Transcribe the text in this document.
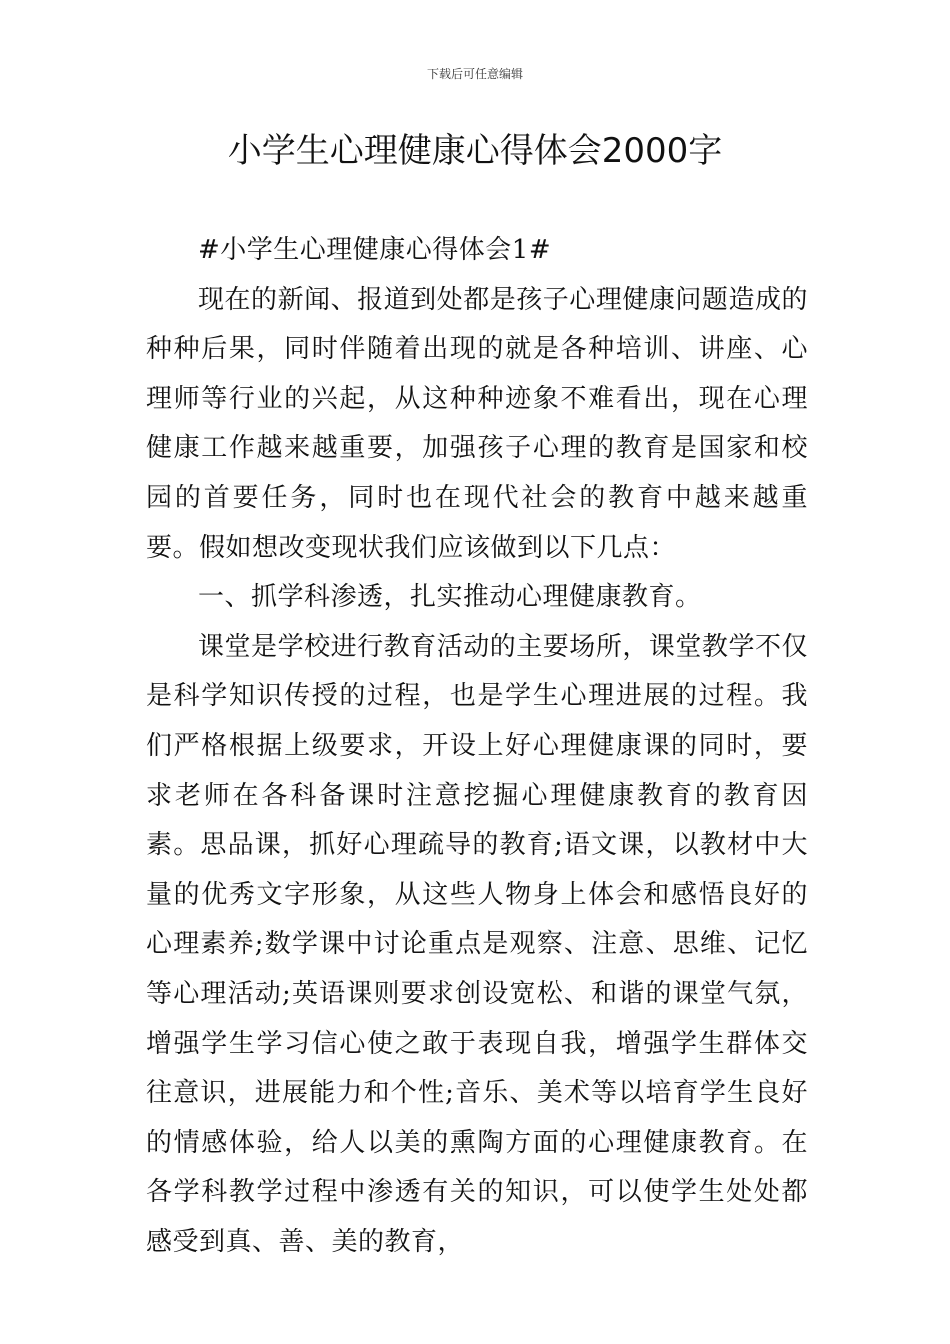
下载后可任意编辑
小学生心理健康心得体会2000字

#小学生心理健康心得体会1#

现在的新闻、报道到处都是孩子心理健康问题造成的种种后果，同时伴随着出现的就是各种培训、讲座、心理师等行业的兴起，从这种种迹象不难看出，现在心理健康工作越来越重要，加强孩子心理的教育是国家和校园的首要任务，同时也在现代社会的教育中越来越重要。假如想改变现状我们应该做到以下几点：

一、抓学科渗透，扎实推动心理健康教育。

课堂是学校进行教育活动的主要场所，课堂教学不仅是科学知识传授的过程，也是学生心理进展的过程。我们严格根据上级要求，开设上好心理健康课的同时，要求老师在各科备课时注意挖掘心理健康教育的教育因素。思品课，抓好心理疏导的教育;语文课，以教材中大量的优秀文字形象，从这些人物身上体会和感悟良好的心理素养;数学课中讨论重点是观察、注意、思维、记忆等心理活动;英语课则要求创设宽松、和谐的课堂气氛，增强学生学习信心使之敢于表现自我，增强学生群体交往意识，进展能力和个性;音乐、美术等以培育学生良好的情感体验，给人以美的熏陶方面的心理健康教育。在各学科教学过程中渗透有关的知识，可以使学生处处都感受到真、善、美的教育，
